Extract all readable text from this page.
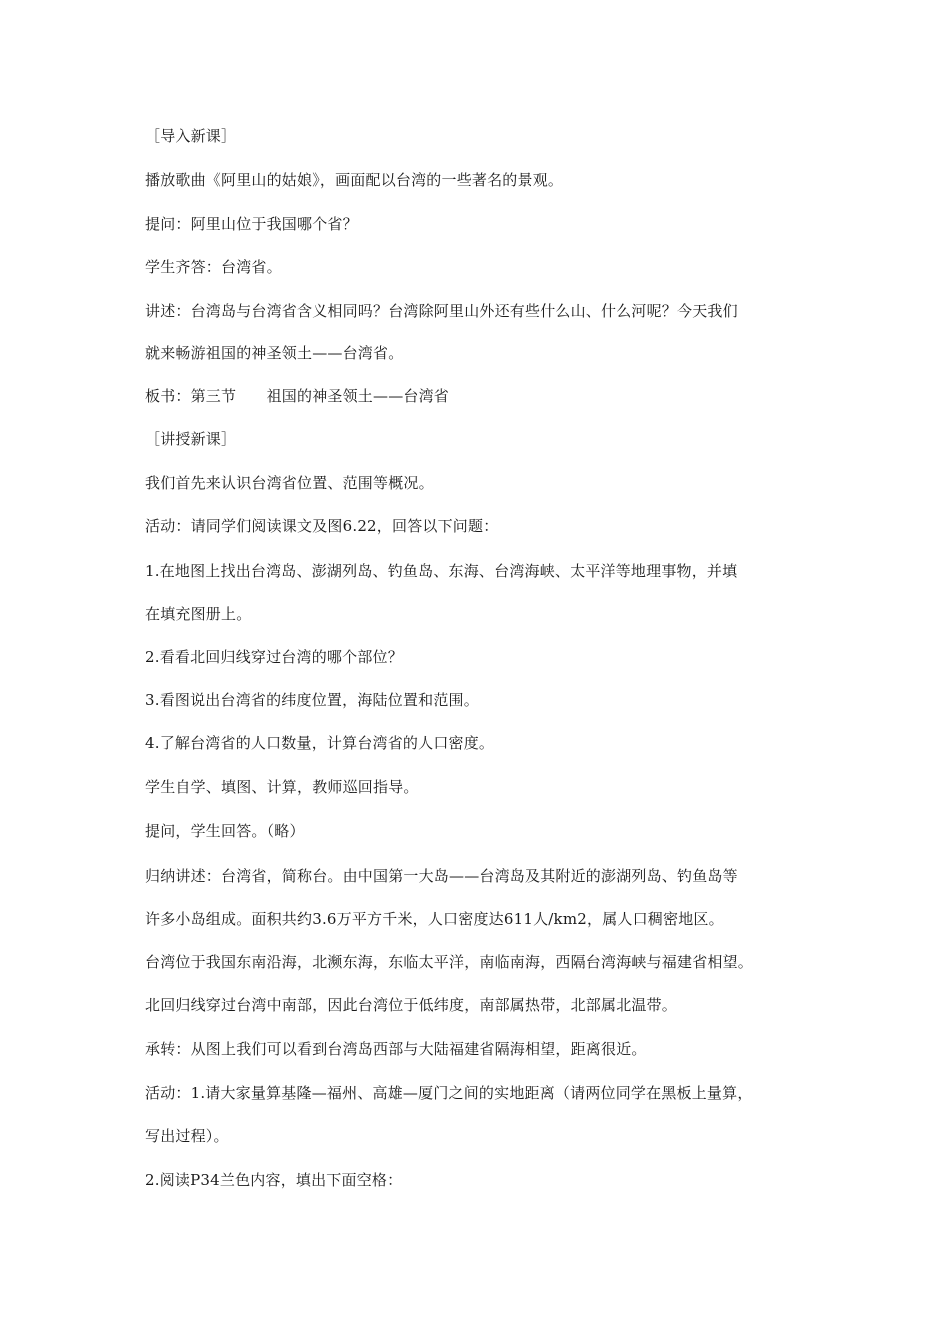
［导入新课］
播放歌曲《阿里山的姑娘》，画面配以台湾的一些著名的景观。
提问：阿里山位于我国哪个省？
学生齐答：台湾省。
讲述：台湾岛与台湾省含义相同吗？台湾除阿里山外还有些什么山、什么河呢？今天我们
就来畅游祖国的神圣领土——台湾省。
板书：第三节　　祖国的神圣领土——台湾省
［讲授新课］
我们首先来认识台湾省位置、范围等概况。
活动：请同学们阅读课文及图6.22，回答以下问题：
1.在地图上找出台湾岛、澎湖列岛、钓鱼岛、东海、台湾海峡、太平洋等地理事物，并填
在填充图册上。
2.看看北回归线穿过台湾的哪个部位？
3.看图说出台湾省的纬度位置，海陆位置和范围。
4.了解台湾省的人口数量，计算台湾省的人口密度。
学生自学、填图、计算，教师巡回指导。
提问，学生回答。（略）
归纳讲述：台湾省，简称台。由中国第一大岛——台湾岛及其附近的澎湖列岛、钓鱼岛等
许多小岛组成。面积共约3.6万平方千米，人口密度达611人/km2，属人口稠密地区。
台湾位于我国东南沿海，北濒东海，东临太平洋，南临南海，西隔台湾海峡与福建省相望。
北回归线穿过台湾中南部，因此台湾位于低纬度，南部属热带，北部属北温带。
承转：从图上我们可以看到台湾岛西部与大陆福建省隔海相望，距离很近。
活动：1.请大家量算基隆—福州、高雄—厦门之间的实地距离（请两位同学在黑板上量算，
写出过程）。
2.阅读P34兰色内容，填出下面空格：
